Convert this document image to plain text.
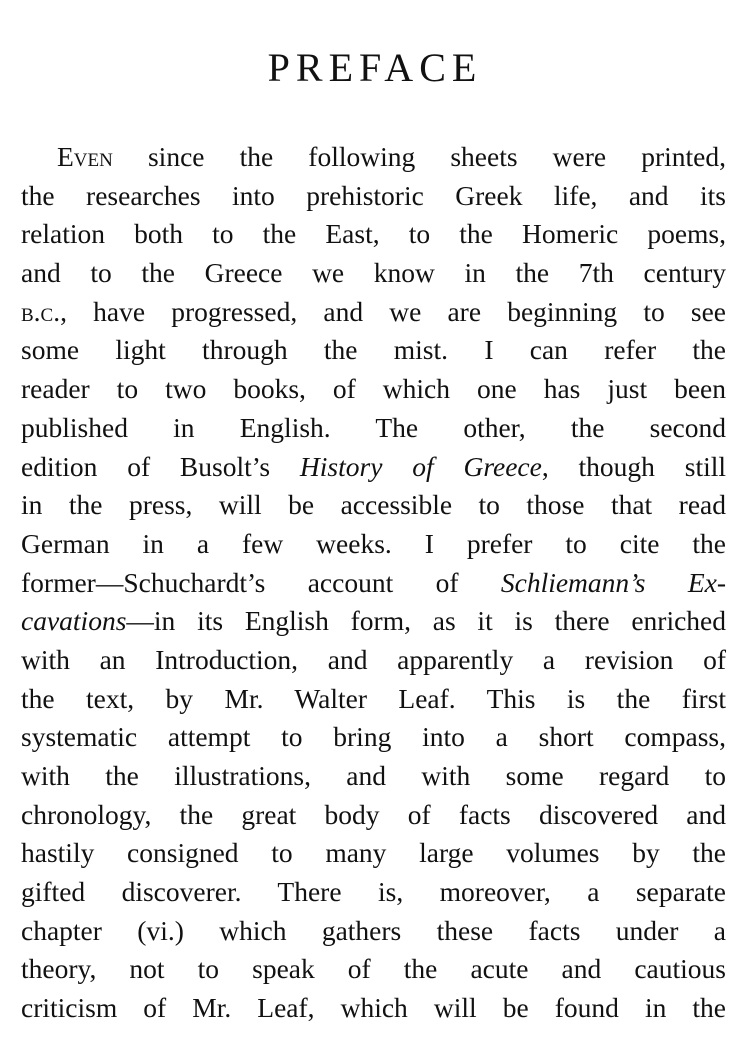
PREFACE
Even since the following sheets were printed,
the researches into prehistoric Greek life, and its
relation both to the East, to the Homeric poems,
and to the Greece we know in the 7th century
b.c., have progressed, and we are beginning to see
some light through the mist. I can refer the
reader to two books, of which one has just been
published in English. The other, the second
edition of Busolt’s History of Greece, though still
in the press, will be accessible to those that read
German in a few weeks. I prefer to cite the
former—Schuchardt’s account of Schliemann’s Ex-
cavations—in its English form, as it is there enriched
with an Introduction, and apparently a revision of
the text, by Mr. Walter Leaf. This is the first
systematic attempt to bring into a short compass,
with the illustrations, and with some regard to
chronology, the great body of facts discovered and
hastily consigned to many large volumes by the
gifted discoverer. There is, moreover, a separate
chapter (vi.) which gathers these facts under a
theory, not to speak of the acute and cautious
criticism of Mr. Leaf, which will be found in the
